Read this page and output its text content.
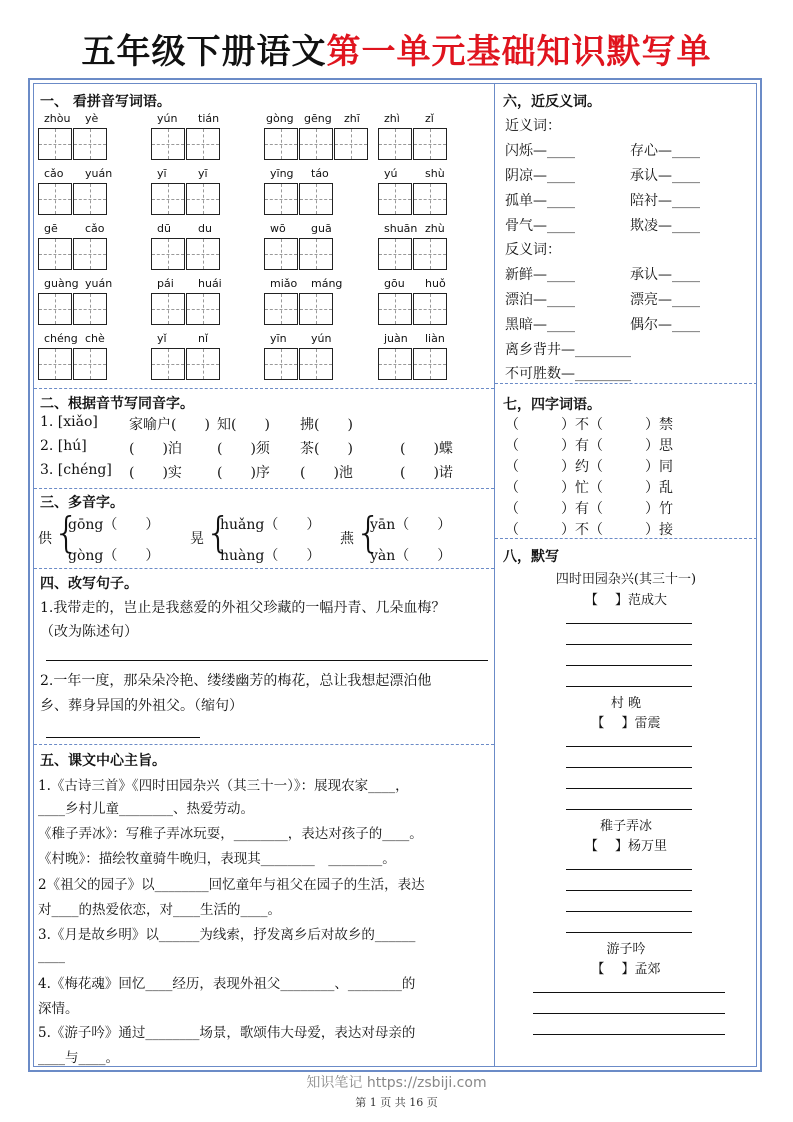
五年级下册语文第一单元基础知识默写单
一、 看拼音写词语。
zhòu yè	yún tián	gòng gēng zhī zhì zǐ
cǎo yuán	yī	yī	yīng táo	yú	shù
gē cǎo	dū du	wō guā	shuān zhù
guàng yuán	pái huái	miǎo máng	gōu huǒ
chéng chè	yǐ	nǐ	yīn yún	juàn liàn
二、根据音节写同音字。
1. [xiǎo] 家喻户(　　) 知(　　) 拂(　　)
2. [hú]	(　　)泊	(　　)须 茶(　　)	(　　)蝶
3. [chéng] (　　)实	(　　)序 (　　)池	(　　)诺
三、多音字。
供 {
gōng（　　）
gòng（　　）
晃 {
huǎng（　　）
huàng（　　）
燕 {
yān（　　）
yàn（　　）
四、改写句子。
1.我带走的，岂止是我慈爱的外祖父珍藏的一幅丹青、几朵血梅？
（改为陈述句）
2.一年一度，那朵朵冷艳、缕缕幽芳的梅花，总让我想起漂泊他
乡、葬身异国的外祖父。（缩句）
五、课文中心主旨。
1.《古诗三首》《四时田园杂兴（其三十一）》：展现农家____，
____乡村儿童________、热爱劳动。
《稚子弄冰》：写稚子弄冰玩耍，________，表达对孩子的____。
《村晚》：描绘牧童骑牛晚归，表现其________　________。
2《祖父的园子》以________回忆童年与祖父在园子的生活，表达
对____的热爱依恋，对____生活的____。
3.《月是故乡明》以______为线索，抒发离乡后对故乡的______
____
4.《梅花魂》回忆____经历，表现外祖父________、________的
深情。
5.《游子吟》通过________场景，歌颂伟大母爱，表达对母亲的
____与____。
六，近反义词。
近义词：
闪烁—____	存心—____
阴凉—____	承认—____
孤单—____	陪衬—____
骨气—____	欺凌—____
反义词：
新鲜—____	承认—____
漂泊—____	漂亮—____
黑暗—____	偶尔—____
离乡背井—________
不可胜数—________
七，四字词语。
（　　　）不（　　　）禁
（　　　）有（　　　）思
（　　　）约（　　　）同
（　　　）忙（　　　）乱
（　　　）有（　　　）竹
（　　　）不（　　　）接
八，默写
四时田园杂兴(其三十一)
【　 】范成大
村 晚
【　 】雷震
稚子弄冰
【　 】杨万里
游子吟
【　 】孟郊
知识笔记 https://zsbiji.com
第 1 页 共 16 页
